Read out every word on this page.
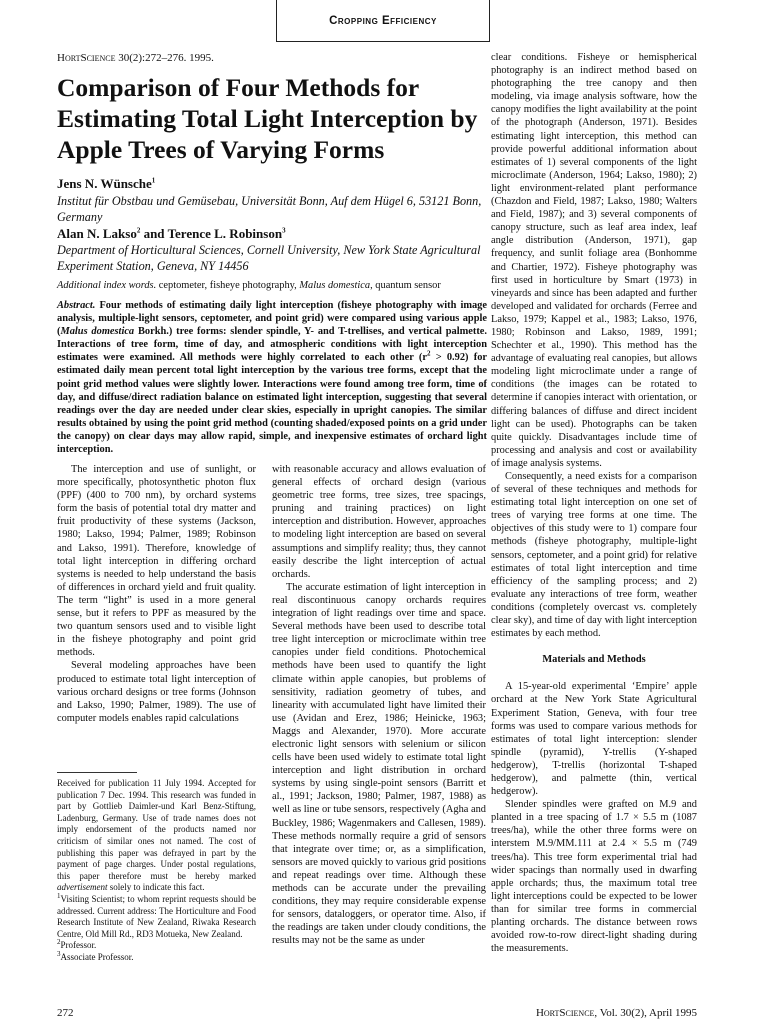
Cropping Efficiency
HortScience 30(2):272–276. 1995.
Comparison of Four Methods for Estimating Total Light Interception by Apple Trees of Varying Forms
Jens N. Wünsche$^1$
Institut für Obstbau und Gemüsebau, Universität Bonn, Auf dem Hügel 6, 53121 Bonn, Germany
Alan N. Lakso$^2$ and Terence L. Robinson$^3$
Department of Horticultural Sciences, Cornell University, New York State Agricultural Experiment Station, Geneva, NY 14456
Additional index words. ceptometer, fisheye photography, Malus domestica, quantum sensor
Abstract. Four methods of estimating daily light interception (fisheye photography with image analysis, multiple-light sensors, ceptometer, and point grid) were compared using various apple (Malus domestica Borkh.) tree forms: slender spindle, Y- and T-trellises, and vertical palmette. Interactions of tree form, time of day, and atmospheric conditions with light interception estimates were examined. All methods were highly correlated to each other $(r^2 > 0.92)$ for estimated daily mean percent total light interception by the various tree forms, except that the point grid method values were slightly lower. Interactions were found among tree form, time of day, and diffuse/direct radiation balance on estimated light interception, suggesting that several readings over the day are needed under clear skies, especially in upright canopies. The similar results obtained by using the point grid method (counting shaded/exposed points on a grid under the canopy) on clear days may allow rapid, simple, and inexpensive estimates of orchard light interception.

The interception and use of sunlight, or more specifically, photosynthetic photon flux (PPF) (400 to 700 nm), by orchard systems form the basis of potential total dry matter and fruit productivity of these systems (Jackson, 1980; Lakso, 1994; Palmer, 1989; Robinson and Lakso, 1991). Therefore, knowledge of total light interception in differing orchard systems is needed to help understand the basis of differences in orchard yield and fruit quality. The term “light” is used in a more general sense, but it refers to PPF as measured by the two quantum sensors used and to visible light in the fisheye photography and point grid methods.

Several modeling approaches have been produced to estimate total light interception of various orchard designs or tree forms (Johnson and Lakso, 1990; Palmer, 1989). The use of computer models enables rapid calculations

Received for publication 11 July 1994. Accepted for publication 7 Dec. 1994. This research was funded in part by Gottlieb Daimler-und Karl Benz-Stiftung, Ladenburg, Germany. Use of trade names does not imply endorsement of the products named nor criticism of similar ones not named. The cost of publishing this paper was defrayed in part by the payment of page charges. Under postal regulations, this paper therefore must be hereby marked advertisement solely to indicate this fact.

$^1$Visiting Scientist; to whom reprint requests should be addressed. Current address: The Horticulture and Food Research Institute of New Zealand, Riwaka Research Centre, Old Mill Rd., RD3 Motueka, New Zealand.

$^2$Professor.

$^3$Associate Professor.

with reasonable accuracy and allows evaluation of general effects of orchard design (various geometric tree forms, tree sizes, tree spacings, pruning and training practices) on light interception and distribution. However, approaches to modeling light interception are based on several assumptions and simplify reality; thus, they cannot easily describe the light interception of actual orchards.

The accurate estimation of light interception in real discontinuous canopy orchards requires integration of light readings over time and space. Several methods have been used to describe total tree light interception or microclimate within tree canopies under field conditions. Photochemical methods have been used to quantify the light climate within apple canopies, but problems of sensitivity, radiation geometry of tubes, and linearity with accumulated light have limited their use (Avidan and Erez, 1986; Heinicke, 1963; Maggs and Alexander, 1970). More accurate electronic light sensors with selenium or silicon cells have been used widely to estimate total light interception and light distribution in orchard systems by using single-point sensors (Barritt et al., 1991; Jackson, 1980; Palmer, 1987, 1988) as well as line or tube sensors, respectively (Agha and Buckley, 1986; Wagenmakers and Callesen, 1989). These methods normally require a grid of sensors that integrate over time; or, as a simplification, sensors are moved quickly to various grid positions and repeat readings over time. Although these methods can be accurate under the prevailing conditions, they may require considerable expense for sensors, dataloggers, or operator time. Also, if the readings are taken under cloudy conditions, the results may not be the same as under

clear conditions. Fisheye or hemispherical photography is an indirect method based on photographing the tree canopy and then modeling, via image analysis software, how the canopy modifies the light availability at the point of the photograph (Anderson, 1971). Besides estimating light interception, this method can provide powerful additional information about estimates of 1) several components of the light microclimate (Anderson, 1964; Lakso, 1980); 2) light environment-related plant performance (Chazdon and Field, 1987; Lakso, 1980; Walters and Field, 1987); and 3) several components of canopy structure, such as leaf area index, leaf angle distribution (Anderson, 1971), gap frequency, and sunlit foliage area (Bonhomme and Chartier, 1972). Fisheye photography was first used in horticulture by Smart (1973) in vineyards and since has been adapted and further developed and validated for orchards (Ferree and Lakso, 1979; Kappel et al., 1983; Lakso, 1976, 1980; Robinson and Lakso, 1989, 1991; Schechter et al., 1990). This method has the advantage of evaluating real canopies, but allows modeling light microclimate under a range of conditions (the images can be rotated to determine if canopies interact with orientation, or differing balances of diffuse and direct incident light can be used). Photographs can be taken quite quickly. Disadvantages include time of processing and analysis and cost or availability of image analysis systems.

Consequently, a need exists for a comparison of several of these techniques and methods for estimating total light interception on one set of trees of varying tree forms at one time. The objectives of this study were to 1) compare four methods (fisheye photography, multiple-light sensors, ceptometer, and a point grid) for relative estimates of total light interception and time efficiency of the sampling process; and 2) evaluate any interactions of tree form, weather conditions (completely overcast vs. completely clear sky), and time of day with light interception estimates by each method.

Materials and Methods

A 15-year-old experimental ‘Empire’ apple orchard at the New York State Agricultural Experiment Station, Geneva, with four tree forms was used to compare various methods for estimates of total light interception: slender spindle (pyramid), Y-trellis (Y-shaped hedgerow), T-trellis (horizontal T-shaped hedgerow), and palmette (thin, vertical hedgerow).

Slender spindles were grafted on M.9 and planted in a tree spacing of 1.7 × 5.5 m (1087 trees/ha), while the other three forms were on interstem M.9/MM.111 at 2.4 × 5.5 m (749 trees/ha). This tree form experimental trial had wider spacings than normally used in dwarfing apple orchards; thus, the maximum total tree light interceptions could be expected to be lower than for similar tree forms in commercial planting orchards. The distance between rows avoided row-to-row direct-light shading during the measurements.

272	HortScience, Vol. 30(2), April 1995
